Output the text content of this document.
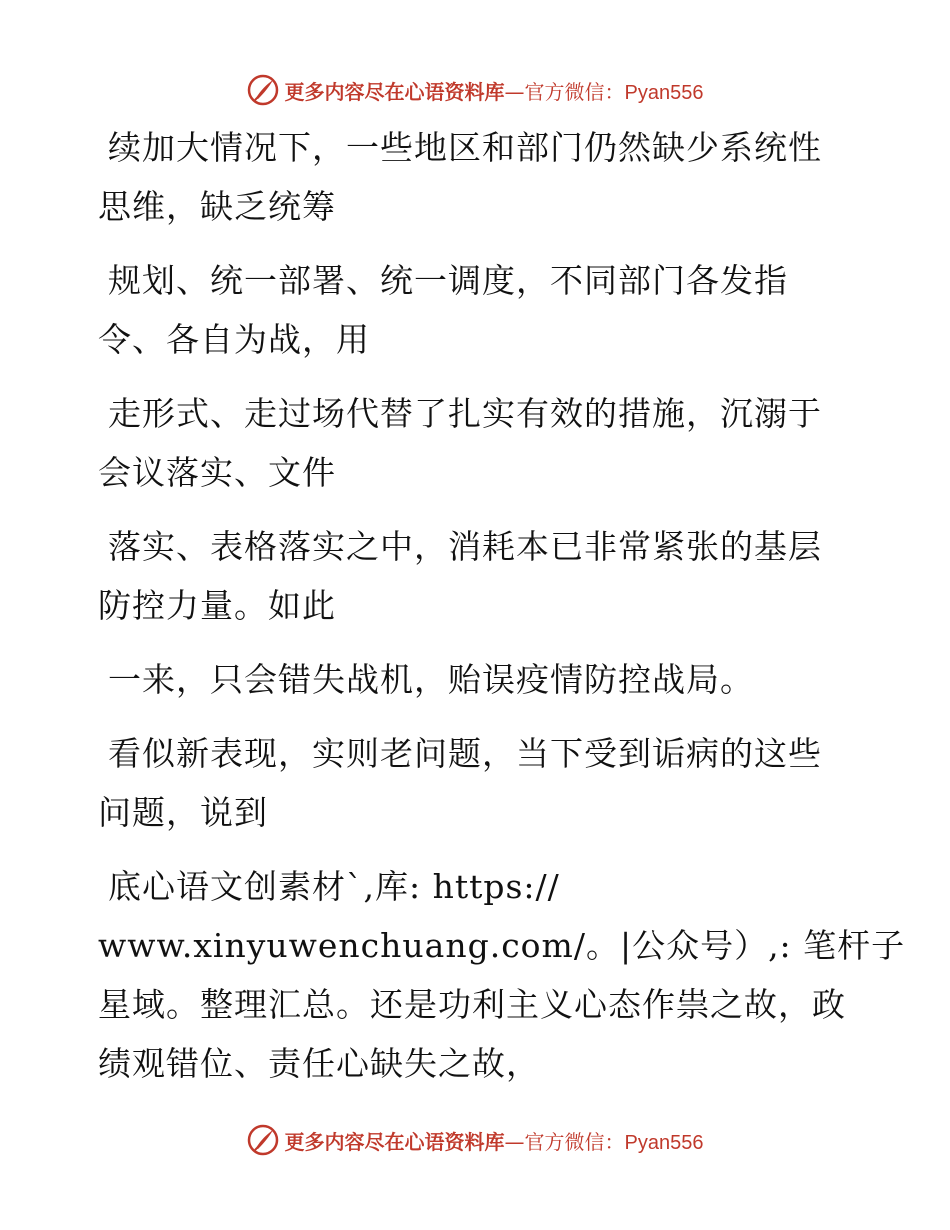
更多内容尽在心语资料库—官方微信：Pyan556

续加大情况下，一些地区和部门仍然缺少系统性
思维，缺乏统筹

规划、统一部署、统一调度，不同部门各发指
令、各自为战，用

走形式、走过场代替了扎实有效的措施，沉溺于
会议落实、文件

落实、表格落实之中，消耗本已非常紧张的基层
防控力量。如此

一来，只会错失战机，贻误疫情防控战局。

看似新表现，实则老问题，当下受到诟病的这些
问题，说到

底心语文创素材`,库: https://

www.xinyuwenchuang.com/。|公众号）,: 笔杆子
星域。整理汇总。还是功利主义心态作祟之故，政绩观错位、责任心缺失之故，

更多内容尽在心语资料库—官方微信：Pyan556
